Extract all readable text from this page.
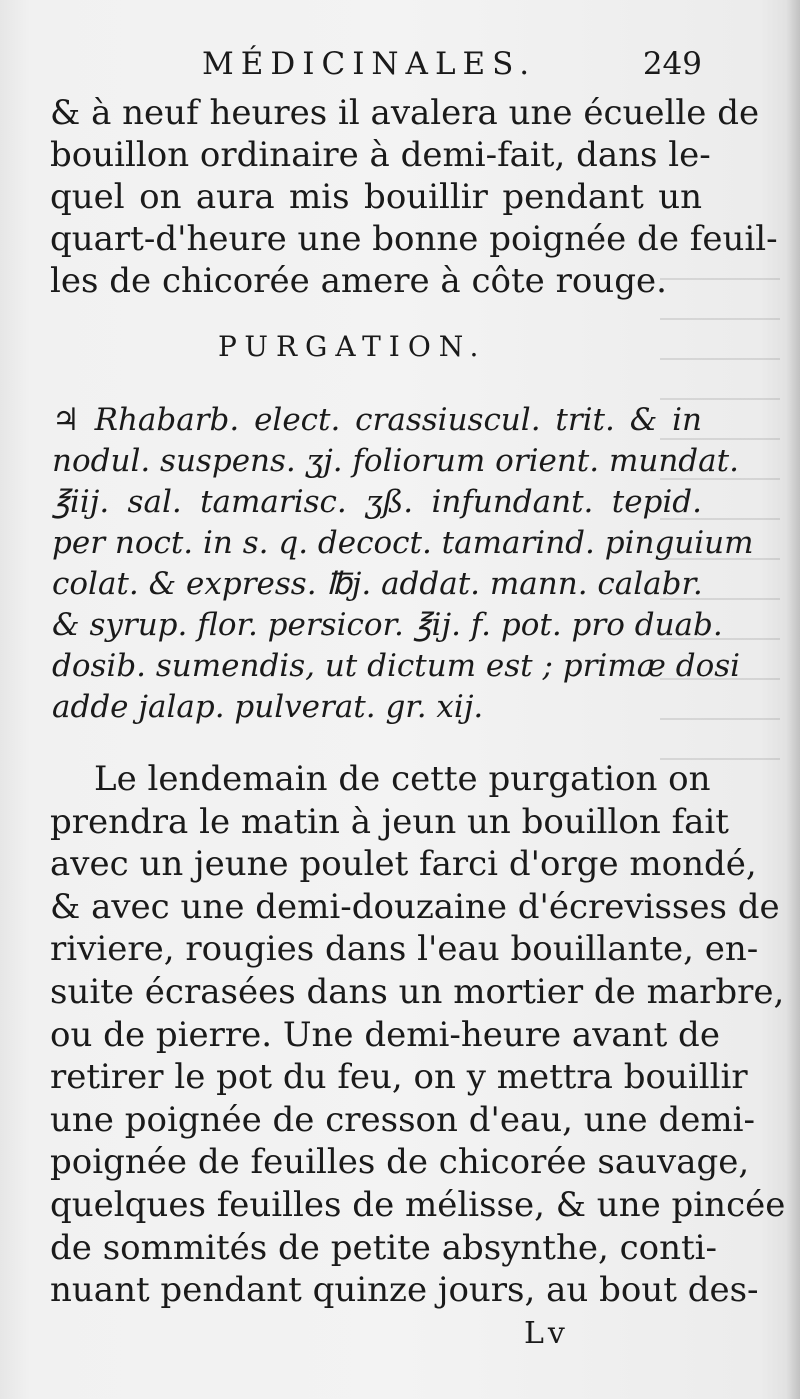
MÉDICINALES.	249
& à neuf heures il avalera une écuelle de
bouillon ordinaire à demi-fait, dans le-
quel on aura mis bouillir pendant un
quart-d'heure une bonne poignée de feuil-
les de chicorée amere à côte rouge.
PURGATION.
♃ Rhabarb. elect. crassiuscul. trit. & in
nodul. suspens. ʒj. foliorum orient. mundat.
℥iij. sal. tamarisc. ʒß. infundant. tepid.
per noct. in s. q. decoct. tamarind. pinguium
colat. & express. ℔j. addat. mann. calabr.
& syrup. flor. persicor. ℥ij. f. pot. pro duab.
dosib. sumendis, ut dictum est ; primæ dosi
adde jalap. pulverat. gr. xij.
Le lendemain de cette purgation on
prendra le matin à jeun un bouillon fait
avec un jeune poulet farci d'orge mondé,
& avec une demi-douzaine d'écrevisses de
riviere, rougies dans l'eau bouillante, en-
suite écrasées dans un mortier de marbre,
ou de pierre. Une demi-heure avant de
retirer le pot du feu, on y mettra bouillir
une poignée de cresson d'eau, une demi-
poignée de feuilles de chicorée sauvage,
quelques feuilles de mélisse, & une pincée
de sommités de petite absynthe, conti-
nuant pendant quinze jours, au bout des-
Lv
